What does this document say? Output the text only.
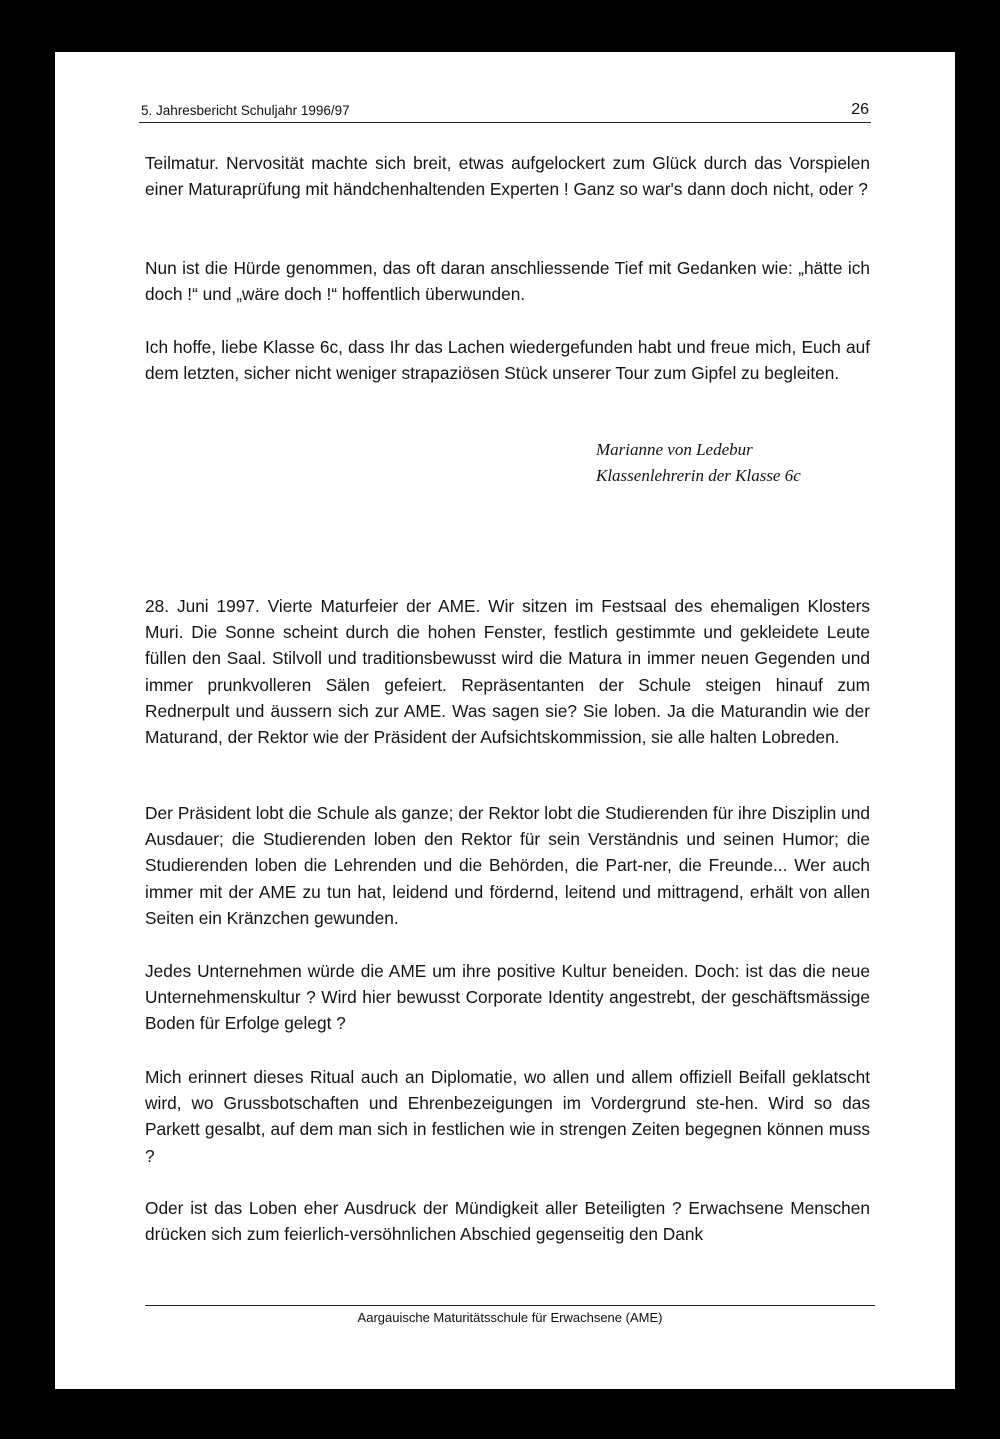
5. Jahresbericht Schuljahr 1996/97	26

Teilmatur. Nervosität machte sich breit, etwas aufgelockert zum Glück durch das Vorspielen einer Maturaprüfung mit händchenhaltenden Experten ! Ganz so war's dann doch nicht, oder ?

Nun ist die Hürde genommen, das oft daran anschliessende Tief mit Gedanken wie: „hätte ich doch !“ und „wäre doch !“ hoffentlich überwunden.

Ich hoffe, liebe Klasse 6c, dass Ihr das Lachen wiedergefunden habt und freue mich, Euch auf dem letzten, sicher nicht weniger strapaziösen Stück unserer Tour zum Gipfel zu begleiten.

Marianne von Ledebur
Klassenlehrerin der Klasse 6c

28. Juni 1997. Vierte Maturfeier der AME. Wir sitzen im Festsaal des ehemaligen Klosters Muri. Die Sonne scheint durch die hohen Fenster, festlich gestimmte und gekleidete Leute füllen den Saal. Stilvoll und traditionsbewusst wird die Matura in immer neuen Gegenden und immer prunkvolleren Sälen gefeiert. Repräsentanten der Schule steigen hinauf zum Rednerpult und äussern sich zur AME. Was sagen sie? Sie loben. Ja die Maturandin wie der Maturand, der Rektor wie der Präsident der Aufsichtskommission, sie alle halten Lobreden.

Der Präsident lobt die Schule als ganze; der Rektor lobt die Studierenden für ihre Disziplin und Ausdauer; die Studierenden loben den Rektor für sein Verständnis und seinen Humor; die Studierenden loben die Lehrenden und die Behörden, die Part-ner, die Freunde... Wer auch immer mit der AME zu tun hat, leidend und fördernd, leitend und mittragend, erhält von allen Seiten ein Kränzchen gewunden.

Jedes Unternehmen würde die AME um ihre positive Kultur beneiden. Doch: ist das die neue Unternehmenskultur ? Wird hier bewusst Corporate Identity angestrebt, der geschäftsmässige Boden für Erfolge gelegt ?

Mich erinnert dieses Ritual auch an Diplomatie, wo allen und allem offiziell Beifall geklatscht wird, wo Grussbotschaften und Ehrenbezeigungen im Vordergrund ste-hen. Wird so das Parkett gesalbt, auf dem man sich in festlichen wie in strengen Zeiten begegnen können muss ?

Oder ist das Loben eher Ausdruck der Mündigkeit aller Beteiligten ? Erwachsene Menschen drücken sich zum feierlich-versöhnlichen Abschied gegenseitig den Dank

Aargauische Maturitätsschule für Erwachsene (AME)
